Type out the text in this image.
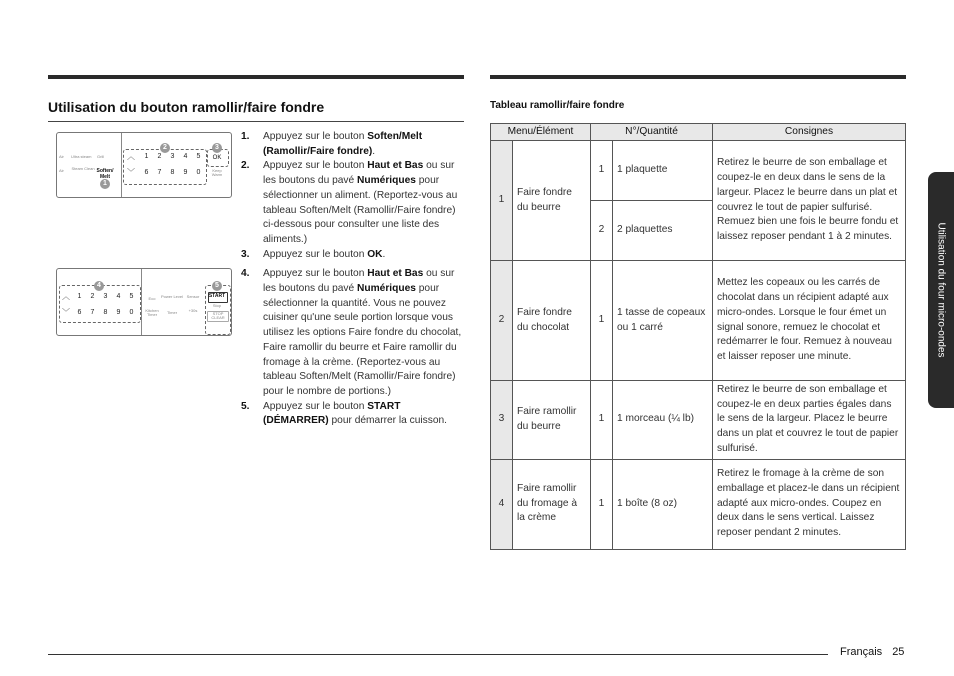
Utilisation du bouton ramollir/faire fondre
Air Ultra steam Grill
Air Steam Clean Soften/ Melt
1
2
︿
﹀
1 2 3 4 5
6 7 8 9 0
3
OK
Keep Warm
4
︿
﹀
1 2 3 4 5
6 7 8 9 0
Eco	Power Level Sensor
Kitchen Timer	Timer	+30s
5
START
Stop
STOP CLEAR
1. Appuyez sur le bouton Soften/Melt (Ramollir/Faire fondre).
2. Appuyez sur le bouton Haut et Bas ou sur les boutons du pavé Numériques pour sélectionner un aliment. (Reportez-vous au tableau Soften/Melt (Ramollir/Faire fondre) ci-dessous pour consulter une liste des aliments.)
3. Appuyez sur le bouton OK.
4. Appuyez sur le bouton Haut et Bas ou sur les boutons du pavé Numériques pour sélectionner la quantité. Vous ne pouvez cuisiner qu'une seule portion lorsque vous utilisez les options Faire fondre du chocolat, Faire ramollir du beurre et Faire ramollir du fromage à la crème. (Reportez-vous au tableau Soften/Melt (Ramollir/Faire fondre) pour le nombre de portions.)
5. Appuyez sur le bouton START (DÉMARRER) pour démarrer la cuisson.
Tableau ramollir/faire fondre
Menu/Élément		N°/Quantité		Consignes
1	Faire fondre du beurre	1	1 plaquette	Retirez le beurre de son emballage et coupez-le en deux dans le sens de la largeur. Placez le beurre dans un plat et couvrez le tout de papier sulfurisé. Remuez bien une fois le beurre fondu et laissez reposer pendant 1 à 2 minutes.
		2	2 plaquettes	
2	Faire fondre du chocolat	1	1 tasse de copeaux ou 1 carré	Mettez les copeaux ou les carrés de chocolat dans un récipient adapté aux micro-ondes. Lorsque le four émet un signal sonore, remuez le chocolat et redémarrer le four. Remuez à nouveau et laisser reposer une minute.
3	Faire ramollir du beurre	1	1 morceau (¼ lb)	Retirez le beurre de son emballage et coupez-le en deux parties égales dans le sens de la largeur. Placez le beurre dans un plat et couvrez le tout de papier sulfurisé.
4	Faire ramollir du fromage à la crème	1	1 boîte (8 oz)	Retirez le fromage à la crème de son emballage et placez-le dans un récipient adapté aux micro-ondes. Coupez en deux dans le sens vertical. Laissez reposer pendant 2 minutes.
Utilisation du four micro-ondes
Français 25
